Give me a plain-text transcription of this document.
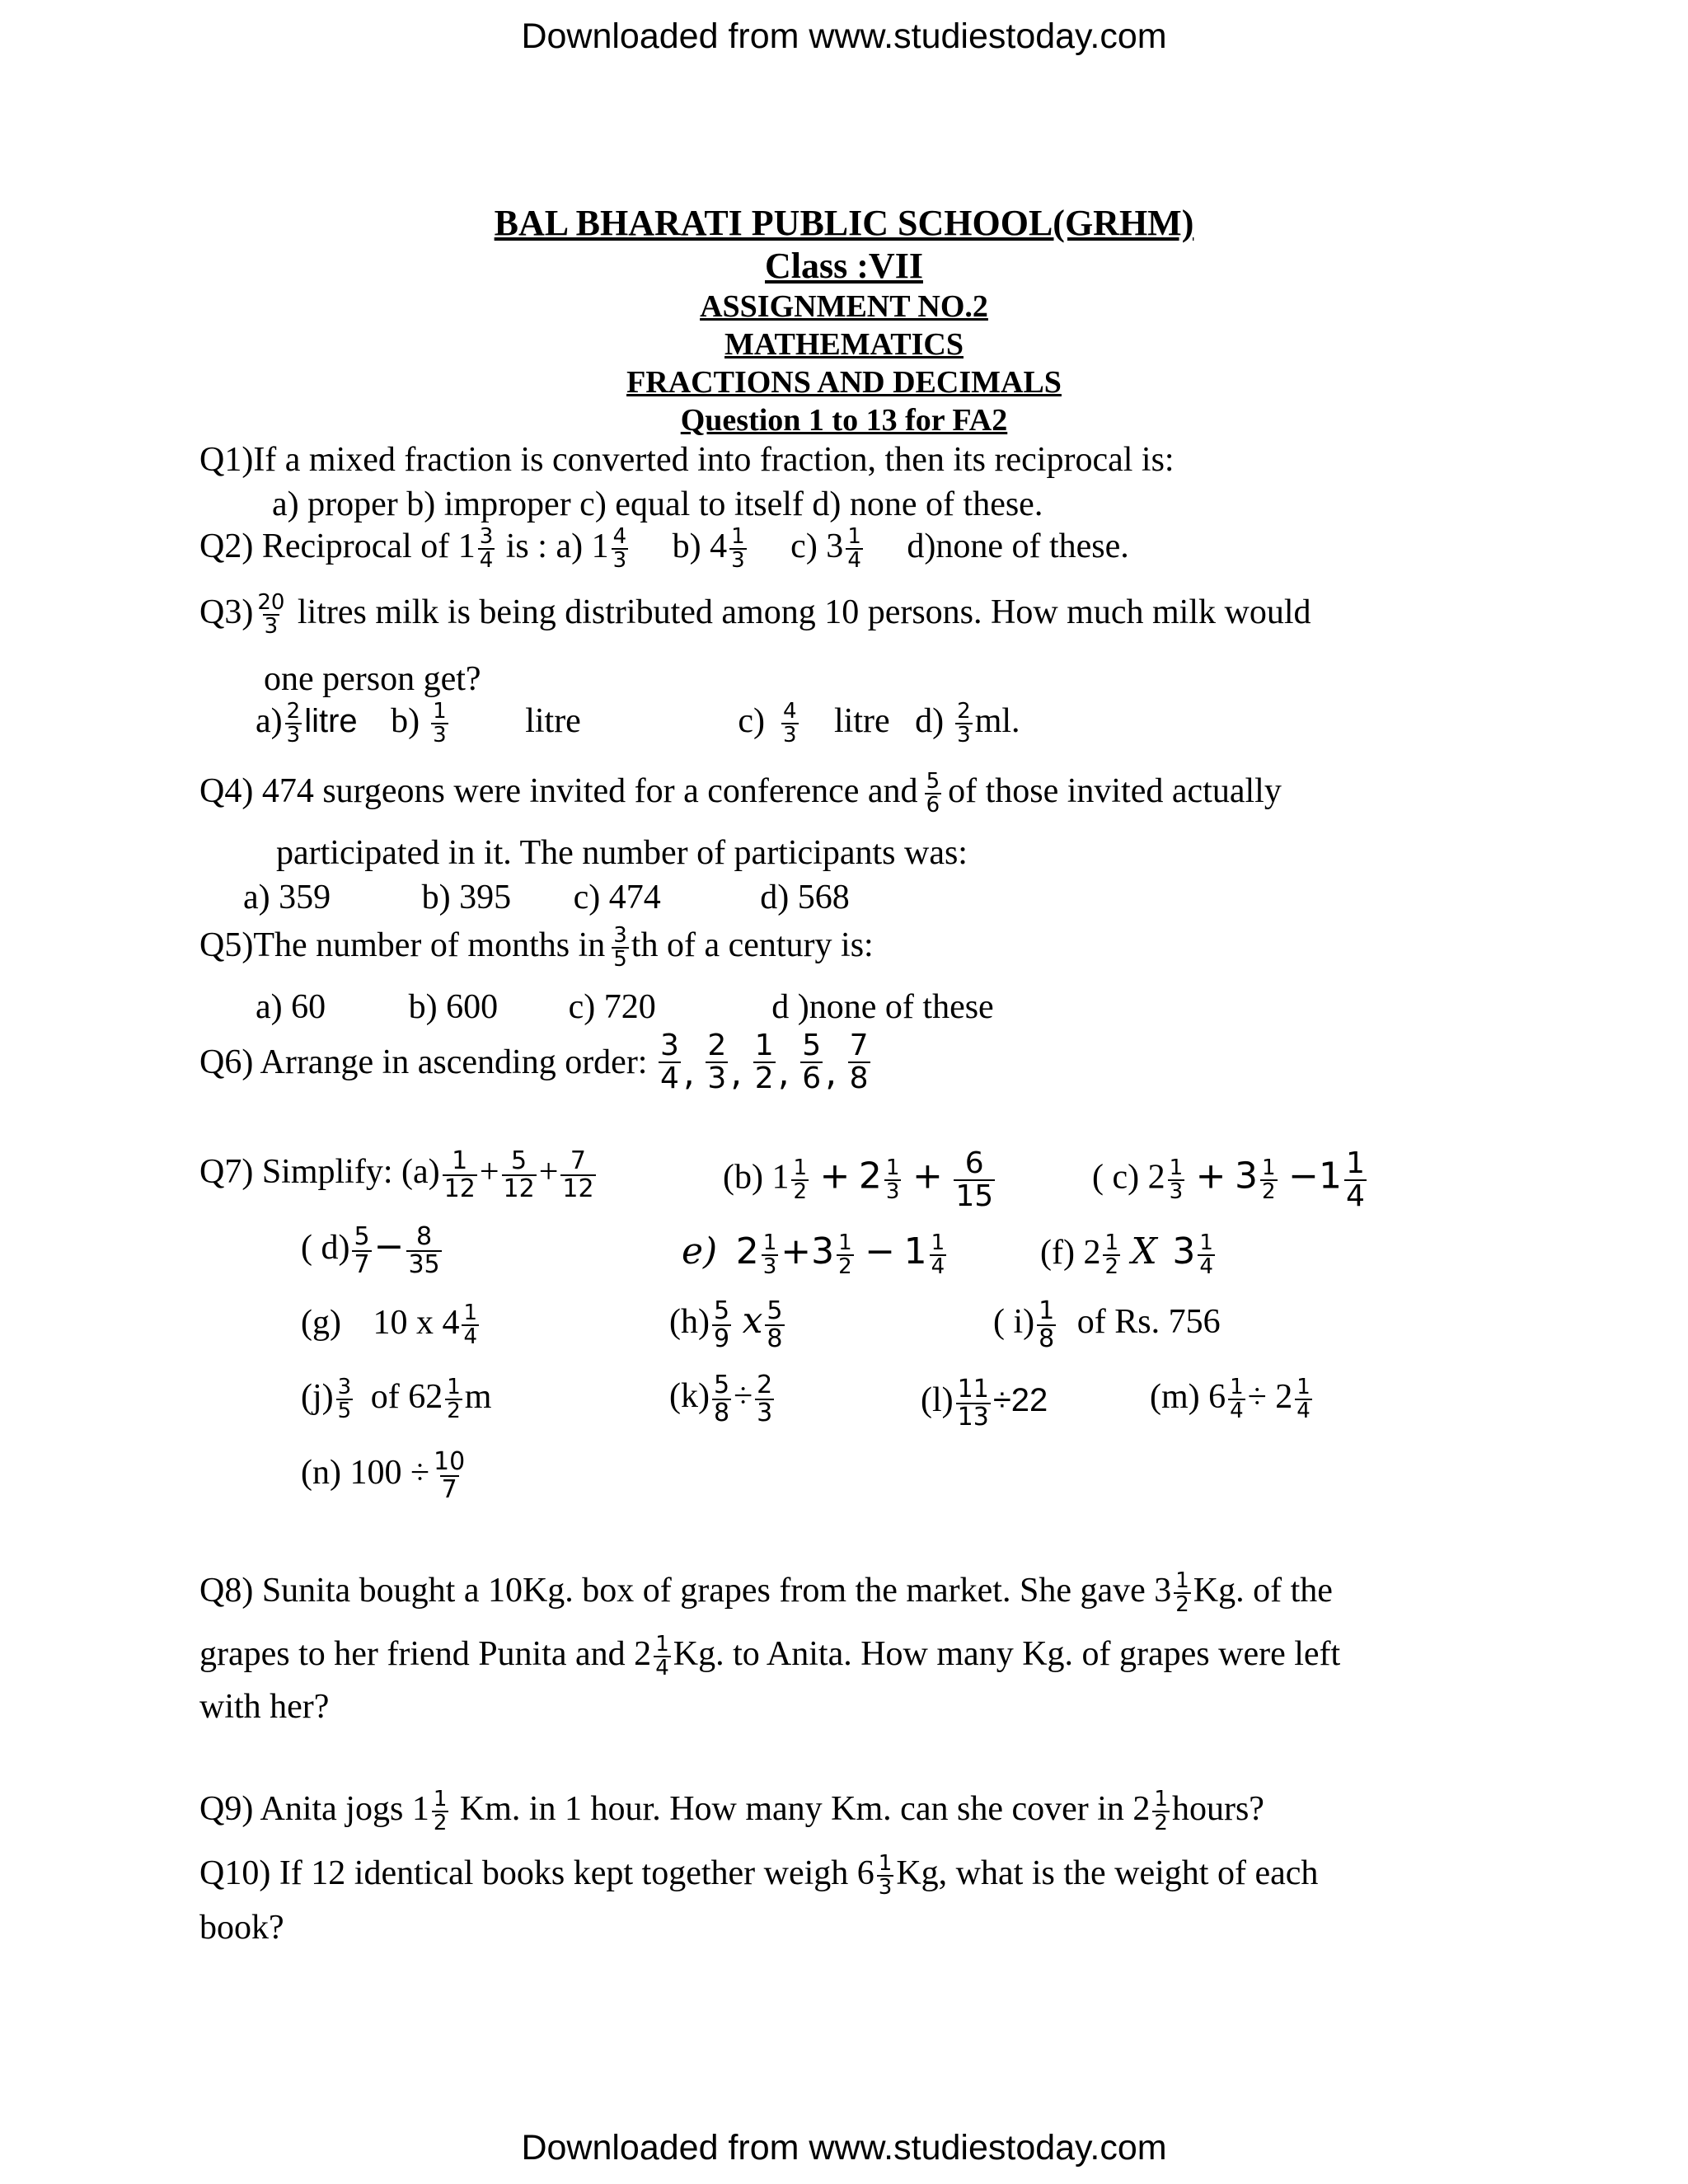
Downloaded from www.studiestoday.com
Downloaded from www.studiestoday.com
BAL BHARATI PUBLIC SCHOOL(GRHM)
Class :VII
ASSIGNMENT NO.2
MATHEMATICS
FRACTIONS AND DECIMALS
Question 1 to 13 for FA2
Q1)If a mixed fraction is converted into fraction, then its reciprocal is:
a) proper b) improper c) equal to itself d) none of these.
Q2) Reciprocal of $1 \frac{3}{4}$ is : a) $1 \frac{4}{3} b$) $4 \frac{1}{3} c$) $3 \frac{1}{4}$ d)none of these.
$Q3) \frac{20}{3}$ litres milk is being distributed among 10 persons. How much milk would
one person get?
$a) \frac{2}{3}$ litre $b) \frac{1}{3}$ litre	$c) \frac{4}{3}$ litre $d) \frac{2}{3}$ ml.
Q4) 474 surgeons were invited for a conference and $\frac{5}{6}$ of those invited actually
participated in it. The number of participants was:
a) 359	b) 395 c) 474	d) 568
Q5)The number of months in $\frac{3}{5}$ th of a century is:
a) 60 b) 600 c) 720	d )none of these
Q6) Arrange in ascending order: $\frac{3}{4}$ , $\frac{2}{3}$ , $\frac{1}{2}$ , $\frac{5}{6}$ , $\frac{7}{8}$
Q7) Simplify: $(a) \frac{1}{12} + \frac{5}{12} + \frac{7}{12}$	(b) $1 \frac{1}{2} + 2 \frac{1}{3} + \frac{6}{15}$	( c) $2 \frac{1}{3} + 3 \frac{1}{2} -1 \frac{1}{4}$
( $d) \frac{5}{7} - \frac{8}{35}$	e) $2 \frac{1}{3} +3 \frac{1}{2} - 1 \frac{1}{4}$	(f) $2 \frac{1}{2}$ X $3 \frac{1}{4}$
(g) 10 x $4 \frac{1}{4}$	$(h) \frac{5}{9}$ x $\frac{5}{8}$	( $i) \frac{1}{8}$ of Rs. 756
$(j) \frac{3}{5}$ of $62 \frac{1}{2}$ m	$(k) \frac{5}{8} \div \frac{2}{3}$	$(l) \frac{11}{13} \div 22$	(m) $6 \frac{1}{4} \div 2 \frac{1}{4}$
(n) $100 \div \frac{10}{7}$
Q8) Sunita bought a 10Kg. box of grapes from the market. She gave $3 \frac{1}{2} Kg$. of the
grapes to her friend Punita and $2 \frac{1}{4} Kg$. to Anita. How many Kg. of grapes were left
with her?
Q9) Anita jogs $1 \frac{1}{2} Km$. in 1 hour. How many Km. can she cover in $2 \frac{1}{2}$ hours?
Q10) If 12 identical books kept together weigh $6 \frac{1}{3} Kg$, what is the weight of each
book?
